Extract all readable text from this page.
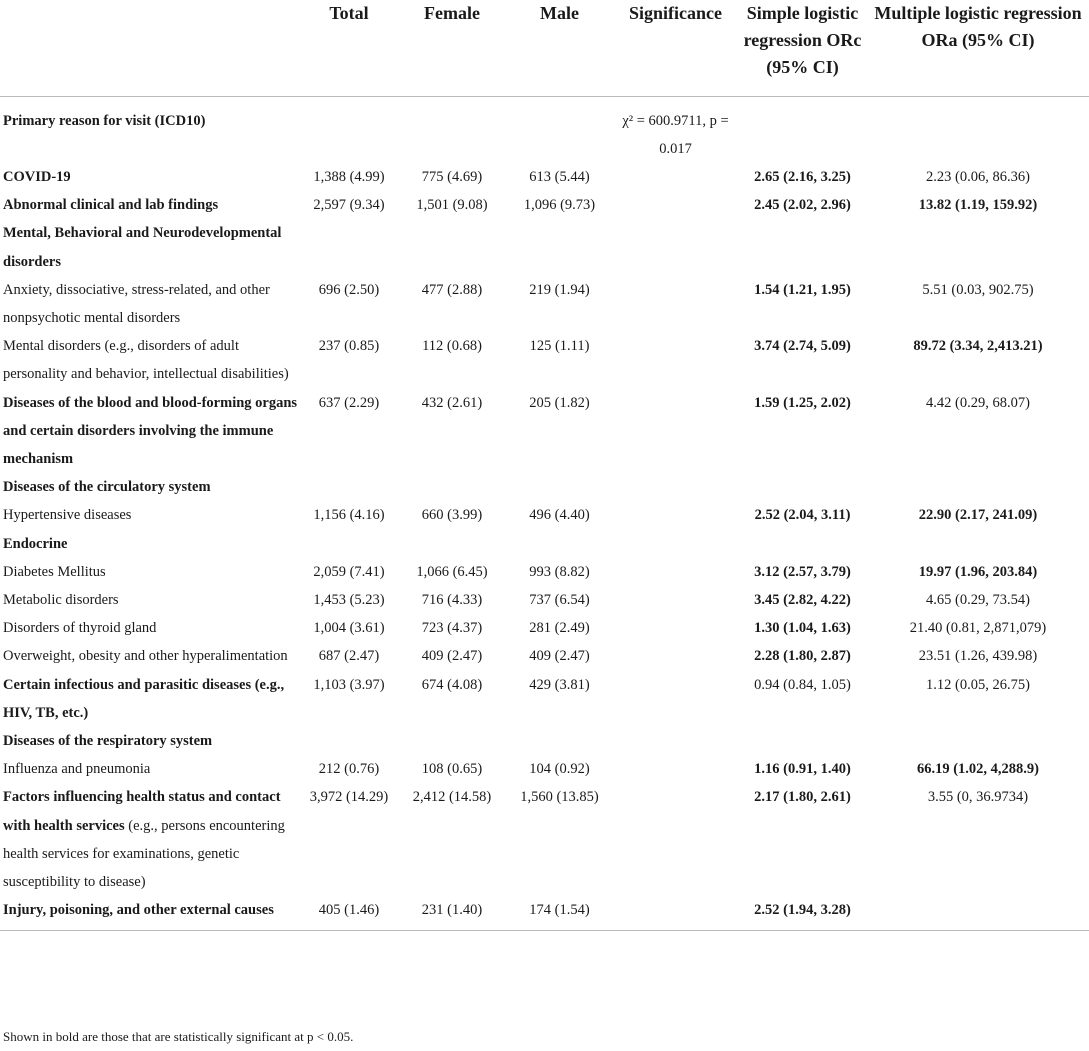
	Total	Female	Male	Significance	Simple logistic regression ORc (95% CI)	Multiple logistic regression ORa (95% CI)
Primary reason for visit (ICD10)				χ² = 600.9711, p = 0.017		
COVID-19	1,388 (4.99)	775 (4.69)	613 (5.44)		2.65 (2.16, 3.25)	2.23 (0.06, 86.36)
Abnormal clinical and lab findings	2,597 (9.34)	1,501 (9.08)	1,096 (9.73)		2.45 (2.02, 2.96)	13.82 (1.19, 159.92)
Mental, Behavioral and Neurodevelopmental disorders						
Anxiety, dissociative, stress-related, and other nonpsychotic mental disorders	696 (2.50)	477 (2.88)	219 (1.94)		1.54 (1.21, 1.95)	5.51 (0.03, 902.75)
Mental disorders (e.g., disorders of adult personality and behavior, intellectual disabilities)	237 (0.85)	112 (0.68)	125 (1.11)		3.74 (2.74, 5.09)	89.72 (3.34, 2,413.21)
Diseases of the blood and blood-forming organs and certain disorders involving the immune mechanism	637 (2.29)	432 (2.61)	205 (1.82)		1.59 (1.25, 2.02)	4.42 (0.29, 68.07)
Diseases of the circulatory system						
Hypertensive diseases	1,156 (4.16)	660 (3.99)	496 (4.40)		2.52 (2.04, 3.11)	22.90 (2.17, 241.09)
Endocrine						
Diabetes Mellitus	2,059 (7.41)	1,066 (6.45)	993 (8.82)		3.12 (2.57, 3.79)	19.97 (1.96, 203.84)
Metabolic disorders	1,453 (5.23)	716 (4.33)	737 (6.54)		3.45 (2.82, 4.22)	4.65 (0.29, 73.54)
Disorders of thyroid gland	1,004 (3.61)	723 (4.37)	281 (2.49)		1.30 (1.04, 1.63)	21.40 (0.81, 2,871,079)
Overweight, obesity and other hyperalimentation	687 (2.47)	409 (2.47)	409 (2.47)		2.28 (1.80, 2.87)	23.51 (1.26, 439.98)
Certain infectious and parasitic diseases (e.g., HIV, TB, etc.)	1,103 (3.97)	674 (4.08)	429 (3.81)		0.94 (0.84, 1.05)	1.12 (0.05, 26.75)
Diseases of the respiratory system						
Influenza and pneumonia	212 (0.76)	108 (0.65)	104 (0.92)		1.16 (0.91, 1.40)	66.19 (1.02, 4,288.9)
Factors influencing health status and contact with health services (e.g., persons encountering health services for examinations, genetic susceptibility to disease)	3,972 (14.29)	2,412 (14.58)	1,560 (13.85)		2.17 (1.80, 2.61)	3.55 (0, 36.9734)
Injury, poisoning, and other external causes	405 (1.46)	231 (1.40)	174 (1.54)		2.52 (1.94, 3.28)	
Shown in bold are those that are statistically significant at p < 0.05.
